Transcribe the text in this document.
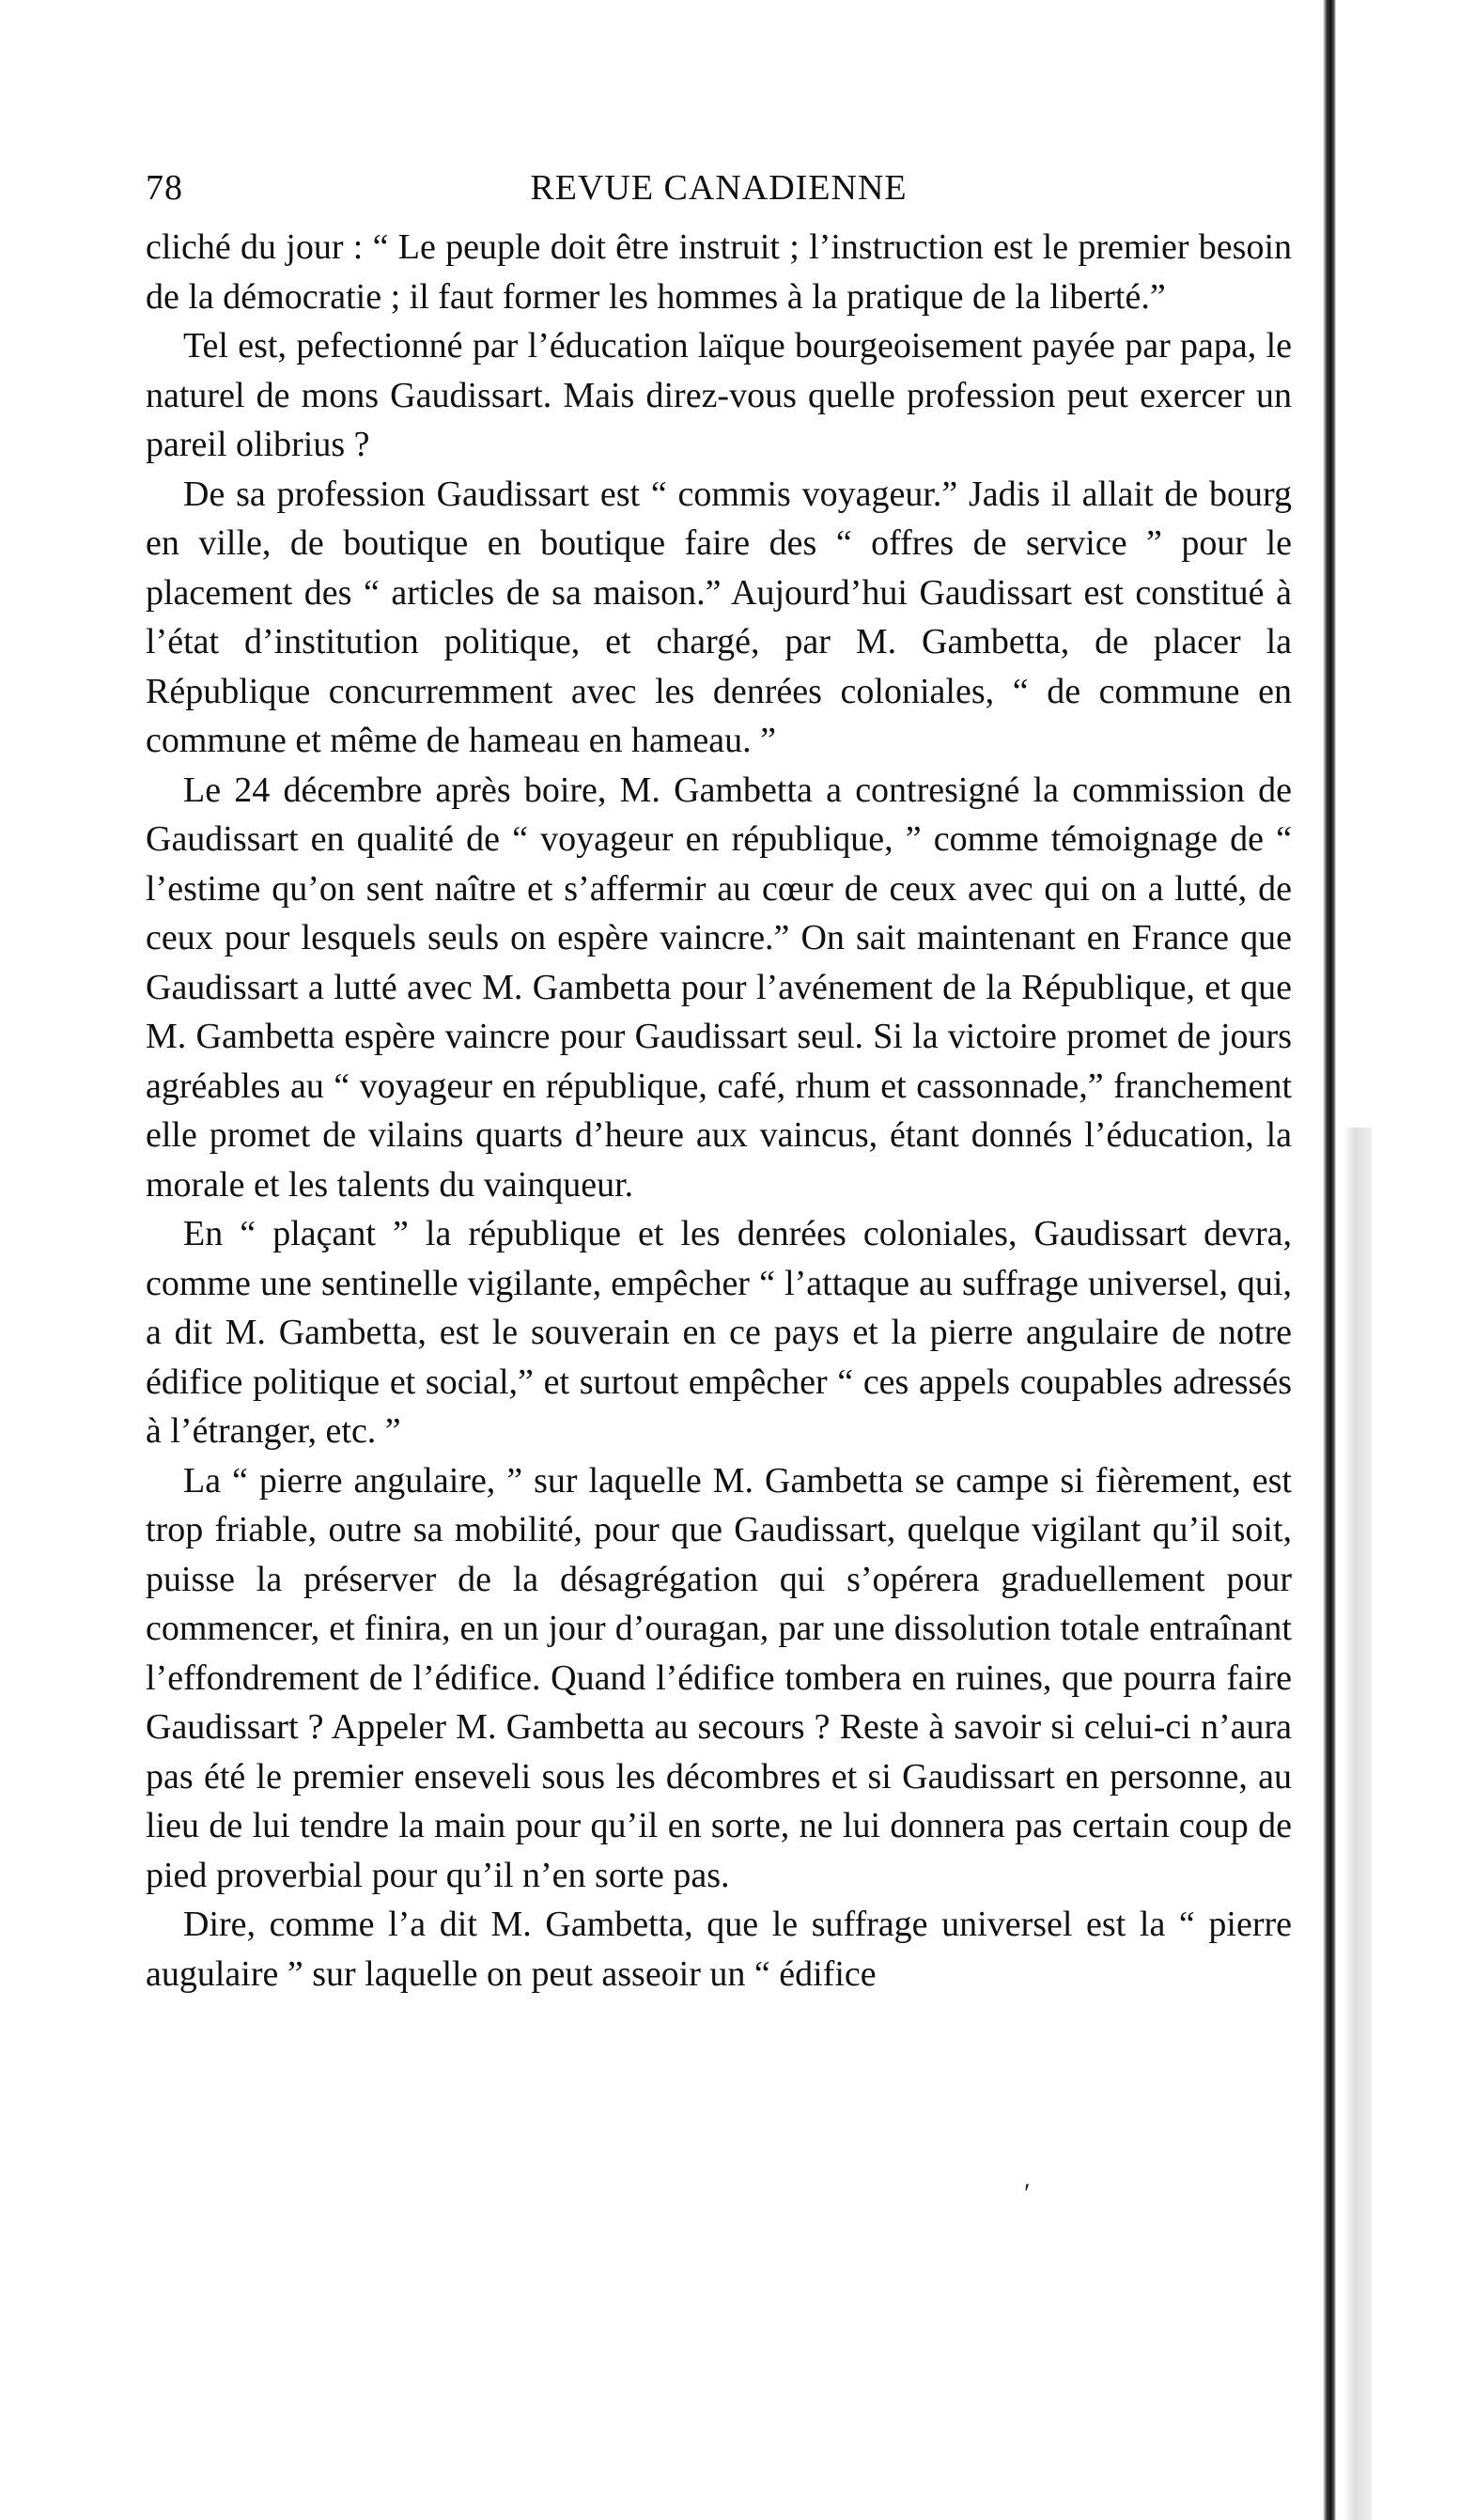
78	REVUE CANADIENNE

cliché du jour : “ Le peuple doit être instruit ; l’instruction est le premier besoin de la démocratie ; il faut former les hommes à la pratique de la liberté.”

Tel est, pefectionné par l’éducation laïque bourgeoisement payée par papa, le naturel de mons Gaudissart. Mais direz-vous quelle profession peut exercer un pareil olibrius ?

De sa profession Gaudissart est “ commis voyageur.” Jadis il allait de bourg en ville, de boutique en boutique faire des “ offres de service ” pour le placement des “ articles de sa maison.” Aujourd’hui Gaudissart est constitué à l’état d’institution politique, et chargé, par M. Gambetta, de placer la République concurremment avec les denrées coloniales, “ de commune en commune et même de hameau en hameau. ”

Le 24 décembre après boire, M. Gambetta a contresigné la commission de Gaudissart en qualité de “ voyageur en république, ” comme témoignage de “ l’estime qu’on sent naître et s’affermir au cœur de ceux avec qui on a lutté, de ceux pour lesquels seuls on espère vaincre.” On sait maintenant en France que Gaudissart a lutté avec M. Gambetta pour l’avénement de la République, et que M. Gambetta espère vaincre pour Gaudissart seul. Si la victoire promet de jours agréables au “ voyageur en république, café, rhum et cassonnade,” franchement elle promet de vilains quarts d’heure aux vaincus, étant donnés l’éducation, la morale et les talents du vainqueur.

En “ plaçant ” la république et les denrées coloniales, Gaudissart devra, comme une sentinelle vigilante, empêcher “ l’attaque au suffrage universel, qui, a dit M. Gambetta, est le souverain en ce pays et la pierre angulaire de notre édifice politique et social,” et surtout empêcher “ ces appels coupables adressés à l’étranger, etc. ”

La “ pierre angulaire, ” sur laquelle M. Gambetta se campe si fièrement, est trop friable, outre sa mobilité, pour que Gaudissart, quelque vigilant qu’il soit, puisse la préserver de la désagrégation qui s’opérera graduellement pour commencer, et finira, en un jour d’ouragan, par une dissolution totale entraînant l’effondrement de l’édifice. Quand l’édifice tombera en ruines, que pourra faire Gaudissart ? Appeler M. Gambetta au secours ? Reste à savoir si celui-ci n’aura pas été le premier enseveli sous les décombres et si Gaudissart en personne, au lieu de lui tendre la main pour qu’il en sorte, ne lui donnera pas certain coup de pied proverbial pour qu’il n’en sorte pas.

Dire, comme l’a dit M. Gambetta, que le suffrage universel est la “ pierre augulaire ” sur laquelle on peut asseoir un “ édifice

′
